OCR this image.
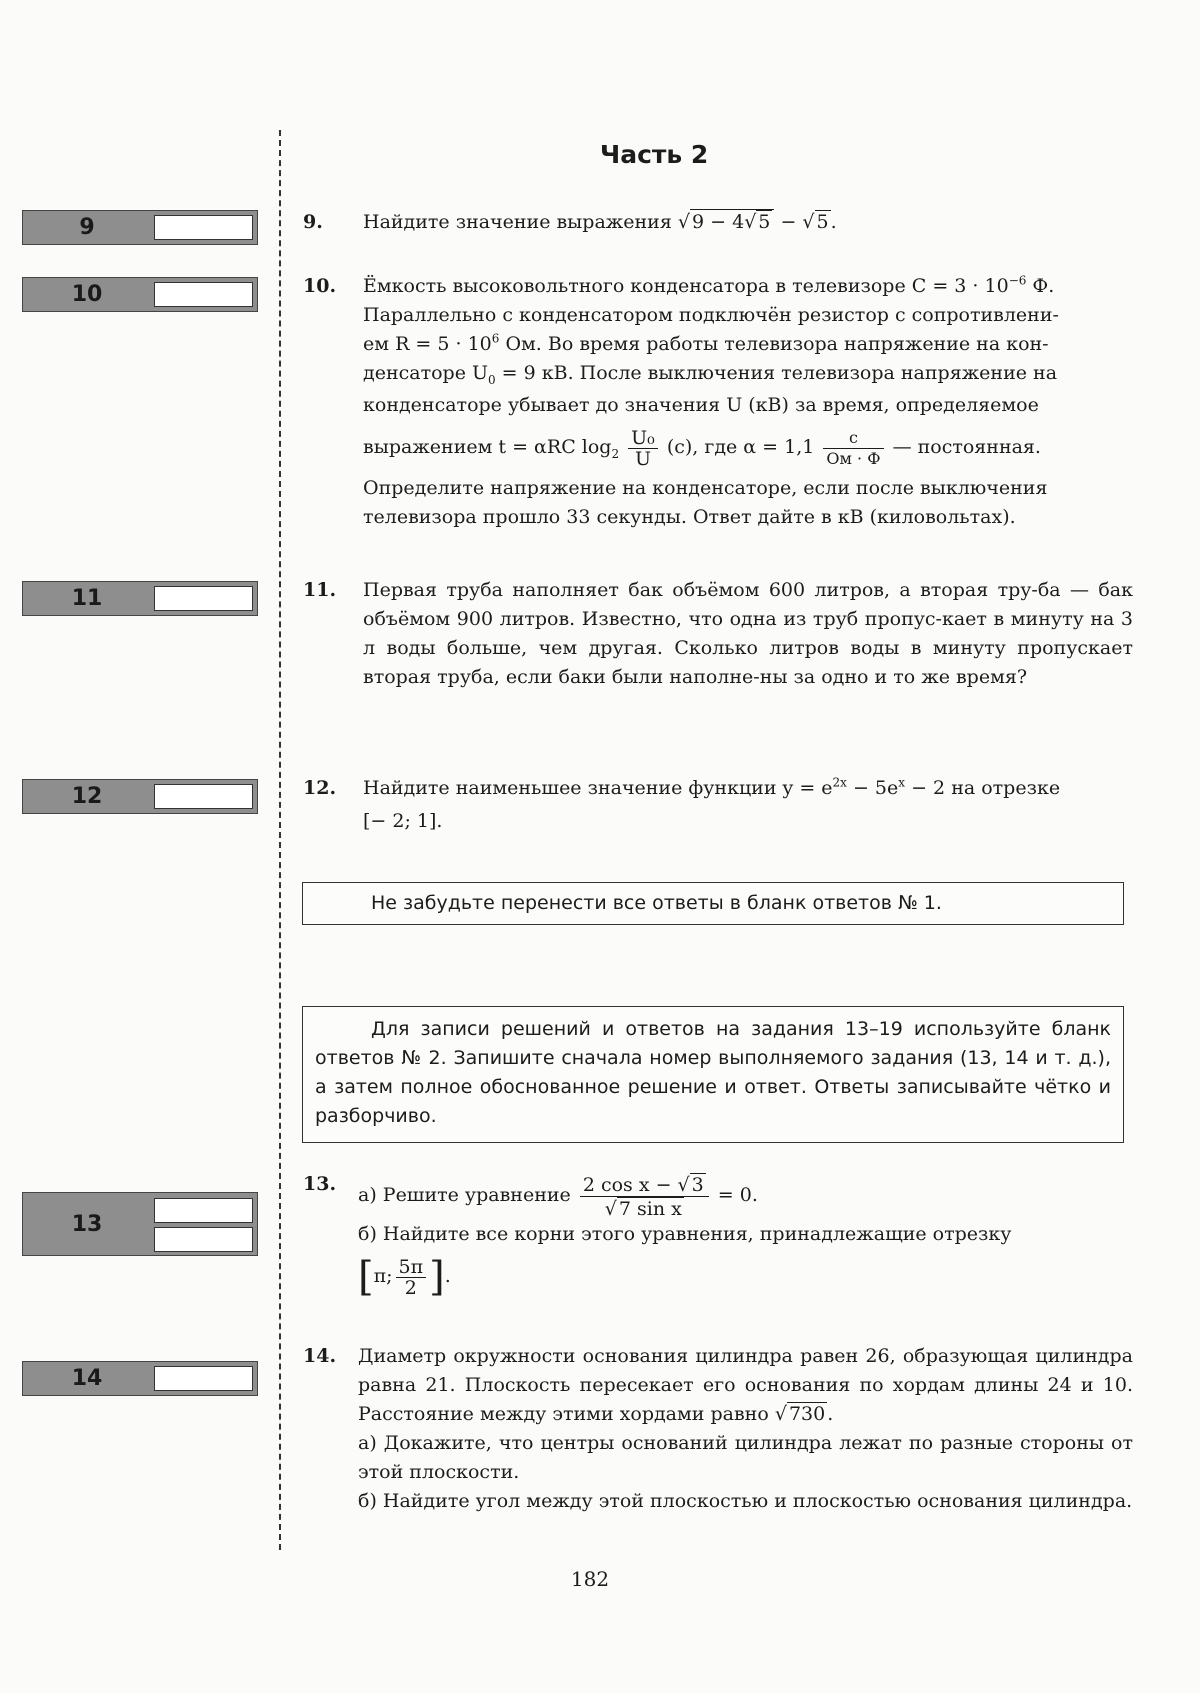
Часть 2
9
10
11
12
13
14
9.	Найдите значение выражения √ 9 − 4√ 5 − √ 5 .
10.	Ёмкость высоковольтного конденсатора в телевизоре $C = 3 \cdot 10^{-6}$ Ф.

Параллельно с конденсатором подключён резистор с сопротивлени-

ем $R = 5 \cdot 10^6$ Ом. Во время работы телевизора напряжение на кон-

денсаторе $U_0 = 9$ кВ. После выключения телевизора напряжение на

конденсаторе убывает до значения U (кВ) за время, определяемое

выражением t = αRC $\log_2 \frac{\text{U₀}}{U} (с)$, где $\alpha = 1,1 \frac{с}{Ом \cdot Ф}$ — постоянная.

Определите напряжение на конденсаторе, если после выключения

телевизора прошло 33 секунды. Ответ дайте в кВ (киловольтах).

11.	Первая труба наполняет бак объёмом 600 литров, а вторая тру-ба — бак объёмом 900 литров. Известно, что одна из труб пропус-кает в минуту на 3 л воды больше, чем другая. Сколько литров воды в минуту пропускает вторая труба, если баки были наполне-ны за одно и то же время?
12.	Найдите наименьшее значение функции $y = e^{2x} - 5e^x - 2$ на отрезке

[− 2; 1].

Не забудьте перенести все ответы в бланк ответов № 1.
Для записи решений и ответов на задания 13–19 используйте бланк ответов № 2. Запишите сначала номер выполняемого задания (13, 14 и т. д.), а затем полное обоснованное решение и ответ. Ответы записывайте чётко и разборчиво.
13.	а) Решите уравнение $\frac{\text{2 cos x − √ 3}}{\text{√ 7 sin x}} = 0$.

б) Найдите все корни этого уравнения, принадлежащие отрезку

[π; $\frac{5\pi}{2}$ ].

14.	Диаметр окружности основания цилиндра равен 26, образующая цилиндра равна 21. Плоскость пересекает его основания по хордам длины 24 и 10. Расстояние между этими хордами равно √ 730 .

а) Докажите, что центры оснований цилиндра лежат по разные стороны от этой плоскости.

б) Найдите угол между этой плоскостью и плоскостью основания цилиндра.

182
